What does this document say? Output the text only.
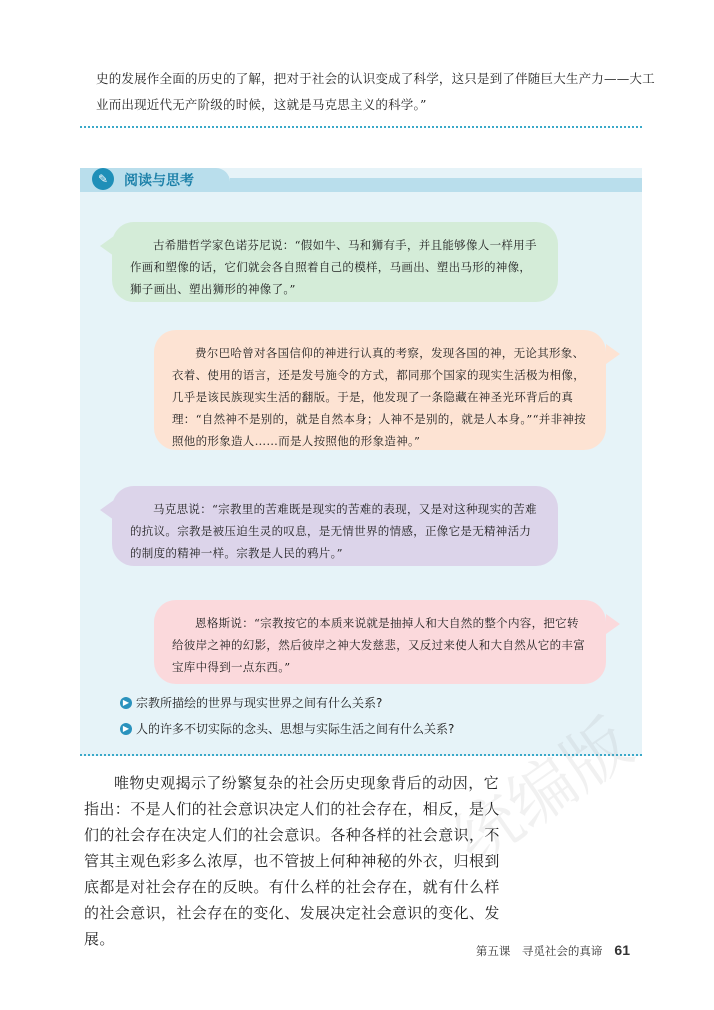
史的发展作全面的历史的了解，把对于社会的认识变成了科学，这只是到了伴随巨大生产力——大工业而出现近代无产阶级的时候，这就是马克思主义的科学。”
✎	阅读与思考

古希腊哲学家色诺芬尼说：“假如牛、马和狮有手，并且能够像人一样用手作画和塑像的话，它们就会各自照着自己的模样，马画出、塑出马形的神像，狮子画出、塑出狮形的神像了。”

费尔巴哈曾对各国信仰的神进行认真的考察，发现各国的神，无论其形象、衣着、使用的语言，还是发号施令的方式，都同那个国家的现实生活极为相像，几乎是该民族现实生活的翻版。于是，他发现了一条隐藏在神圣光环背后的真理：“自然神不是别的，就是自然本身；人神不是别的，就是人本身。”“并非神按照他的形象造人……而是人按照他的形象造神。”

马克思说：“宗教里的苦难既是现实的苦难的表现，又是对这种现实的苦难的抗议。宗教是被压迫生灵的叹息，是无情世界的情感，正像它是无精神活力的制度的精神一样。宗教是人民的鸦片。”

恩格斯说：“宗教按它的本质来说就是抽掉人和大自然的整个内容，把它转给彼岸之神的幻影，然后彼岸之神大发慈悲，又反过来使人和大自然从它的丰富宝库中得到一点东西。”

▶ 宗教所描绘的世界与现实世界之间有什么关系?
▶ 人的许多不切实际的念头、思想与实际生活之间有什么关系?
统编版

唯物史观揭示了纷繁复杂的社会历史现象背后的动因，它指出：不是人们的社会意识决定人们的社会存在，相反，是人们的社会存在决定人们的社会意识。各种各样的社会意识，不管其主观色彩多么浓厚，也不管披上何种神秘的外衣，归根到底都是对社会存在的反映。有什么样的社会存在，就有什么样的社会意识，社会存在的变化、发展决定社会意识的变化、发展。

第五课　寻觅社会的真谛 61
